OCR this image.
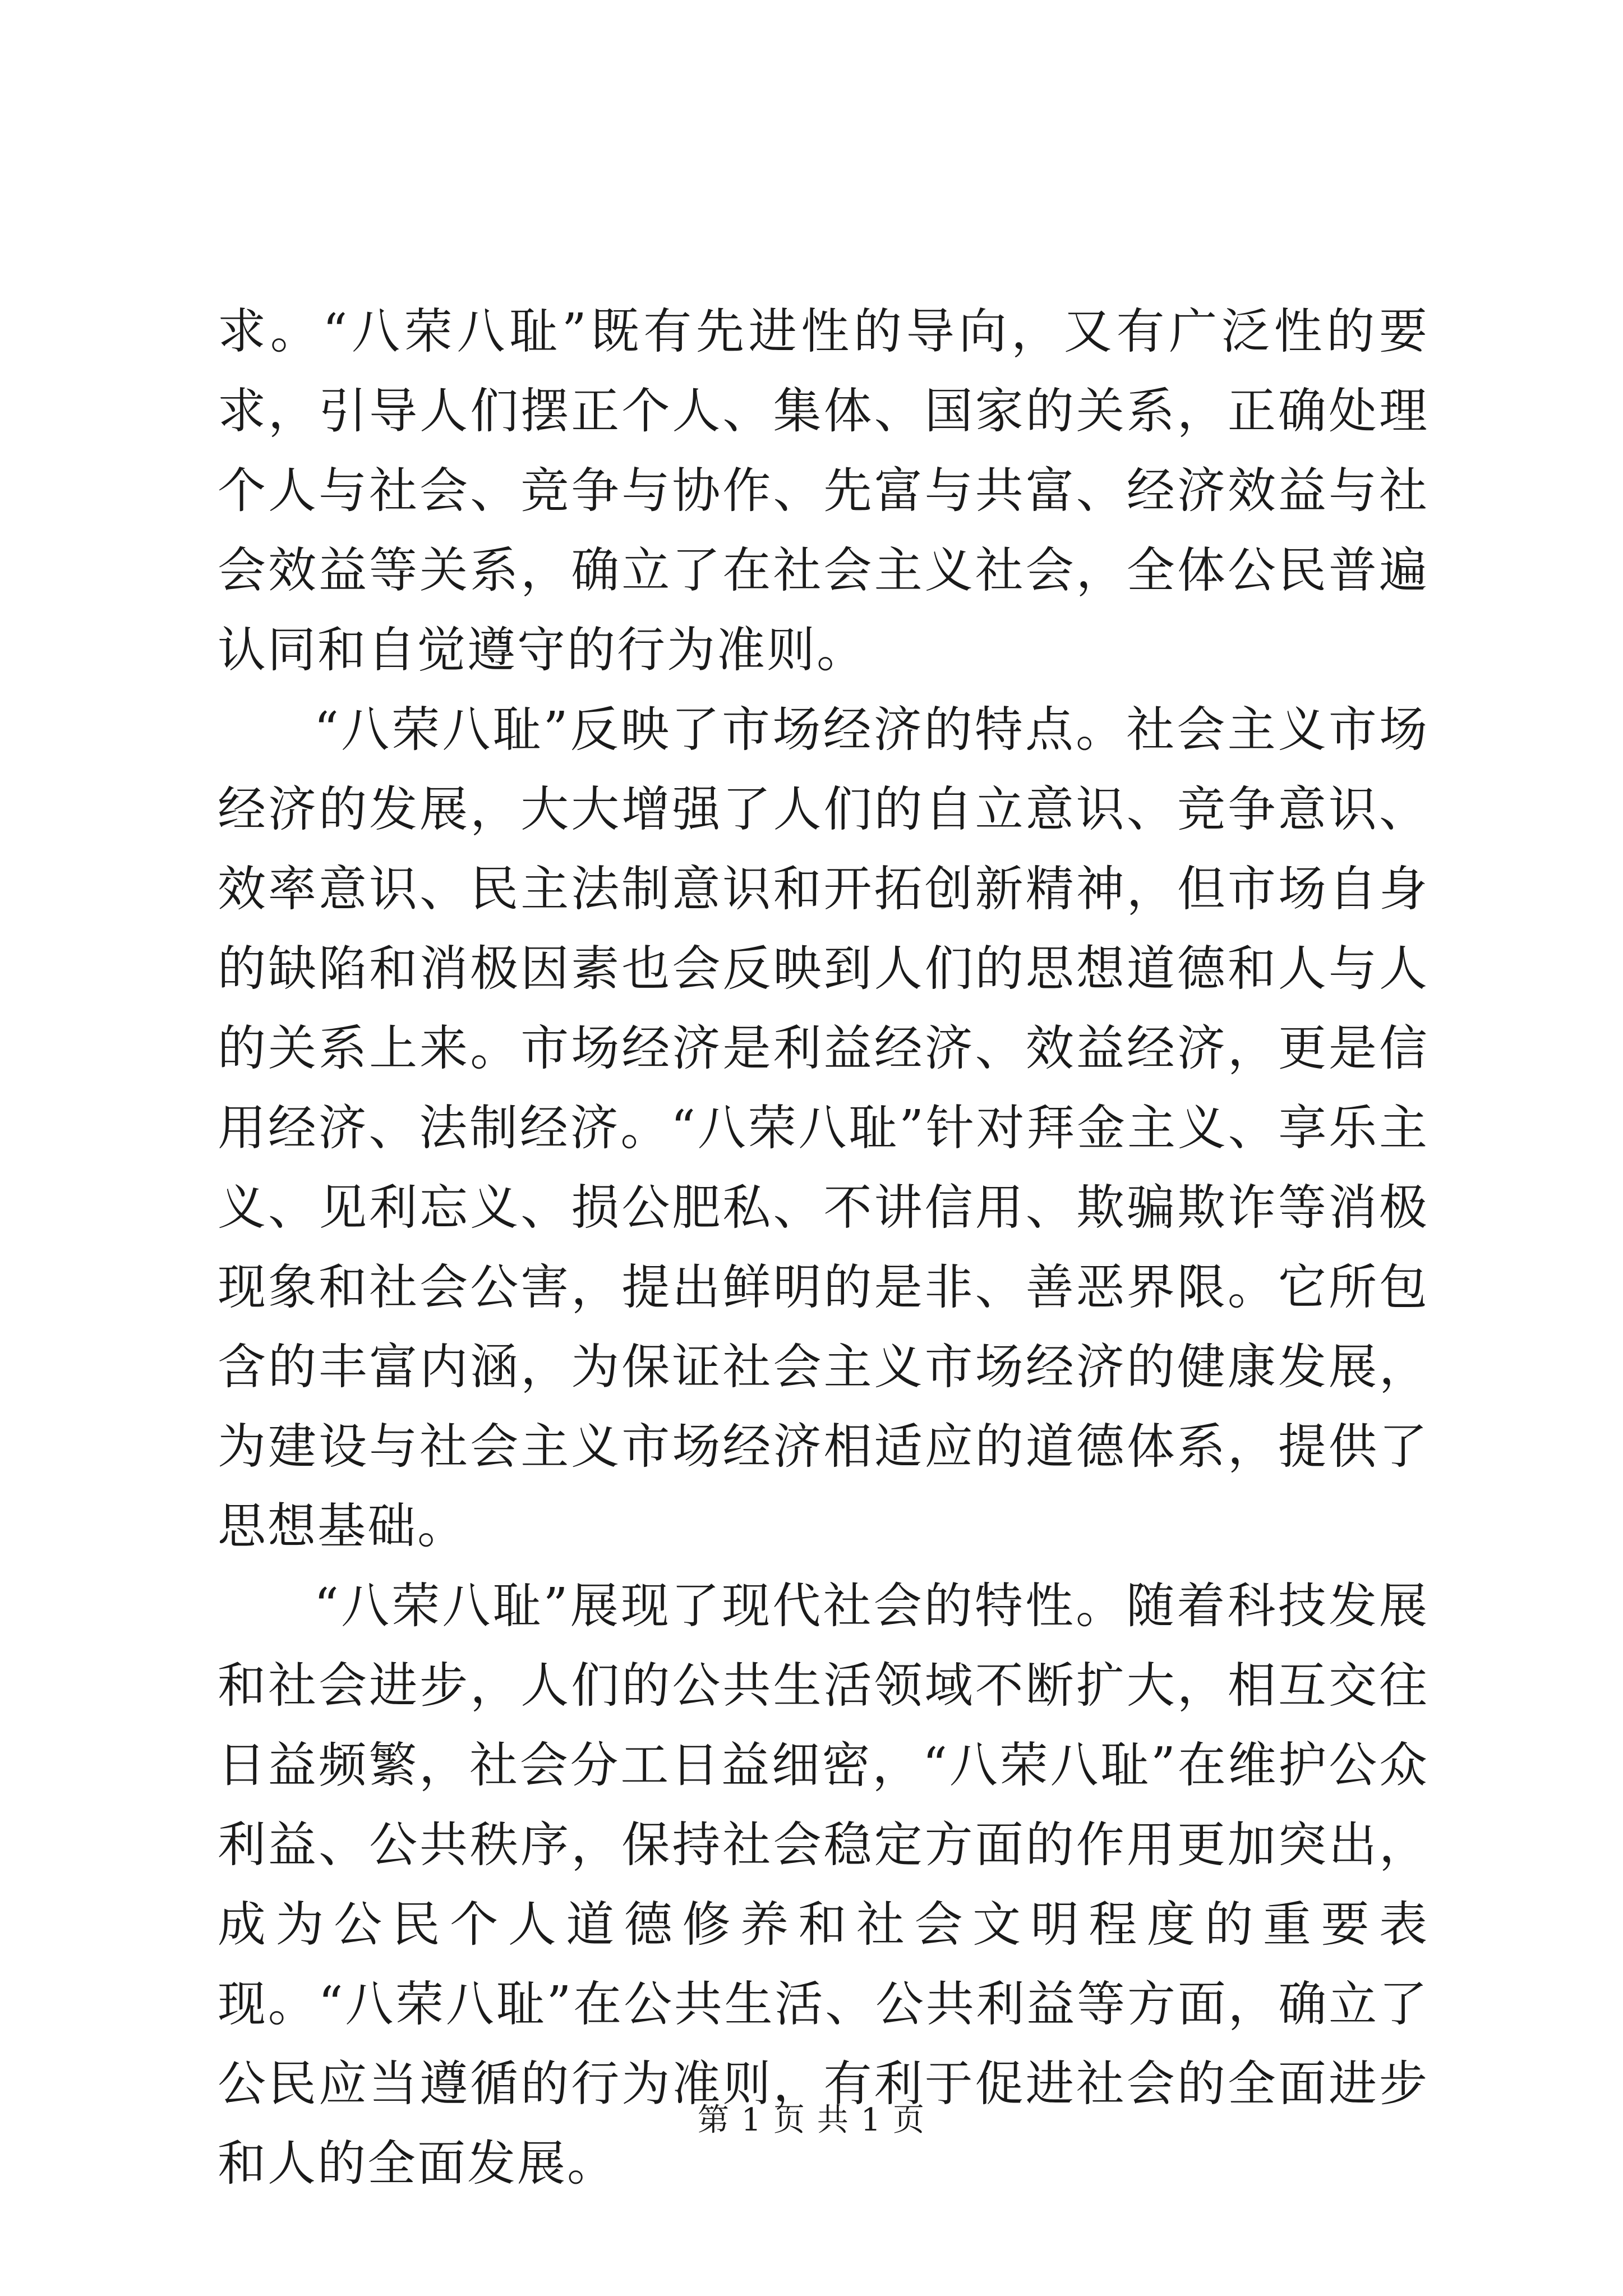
求。“八荣八耻”既有先进性的导向，又有广泛性的要求，引导人们摆正个人、集体、国家的关系，正确处理个人与社会、竞争与协作、先富与共富、经济效益与社会效益等关系，确立了在社会主义社会，全体公民普遍认同和自觉遵守的行为准则。

“八荣八耻”反映了市场经济的特点。社会主义市场经济的发展，大大增强了人们的自立意识、竞争意识、效率意识、民主法制意识和开拓创新精神，但市场自身的缺陷和消极因素也会反映到人们的思想道德和人与人的关系上来。市场经济是利益经济、效益经济，更是信用经济、法制经济。“八荣八耻”针对拜金主义、享乐主义、见利忘义、损公肥私、不讲信用、欺骗欺诈等消极现象和社会公害，提出鲜明的是非、善恶界限。它所包含的丰富内涵，为保证社会主义市场经济的健康发展，为建设与社会主义市场经济相适应的道德体系，提供了思想基础。

“八荣八耻”展现了现代社会的特性。随着科技发展和社会进步，人们的公共生活领域不断扩大，相互交往日益频繁，社会分工日益细密，“八荣八耻”在维护公众利益、公共秩序，保持社会稳定方面的作用更加突出，成为公民个人道德修养和社会文明程度的重要表现。“八荣八耻”在公共生活、公共利益等方面，确立了公民应当遵循的行为准则，有利于促进社会的全面进步和人的全面发展。

第 1 页 共 1 页
